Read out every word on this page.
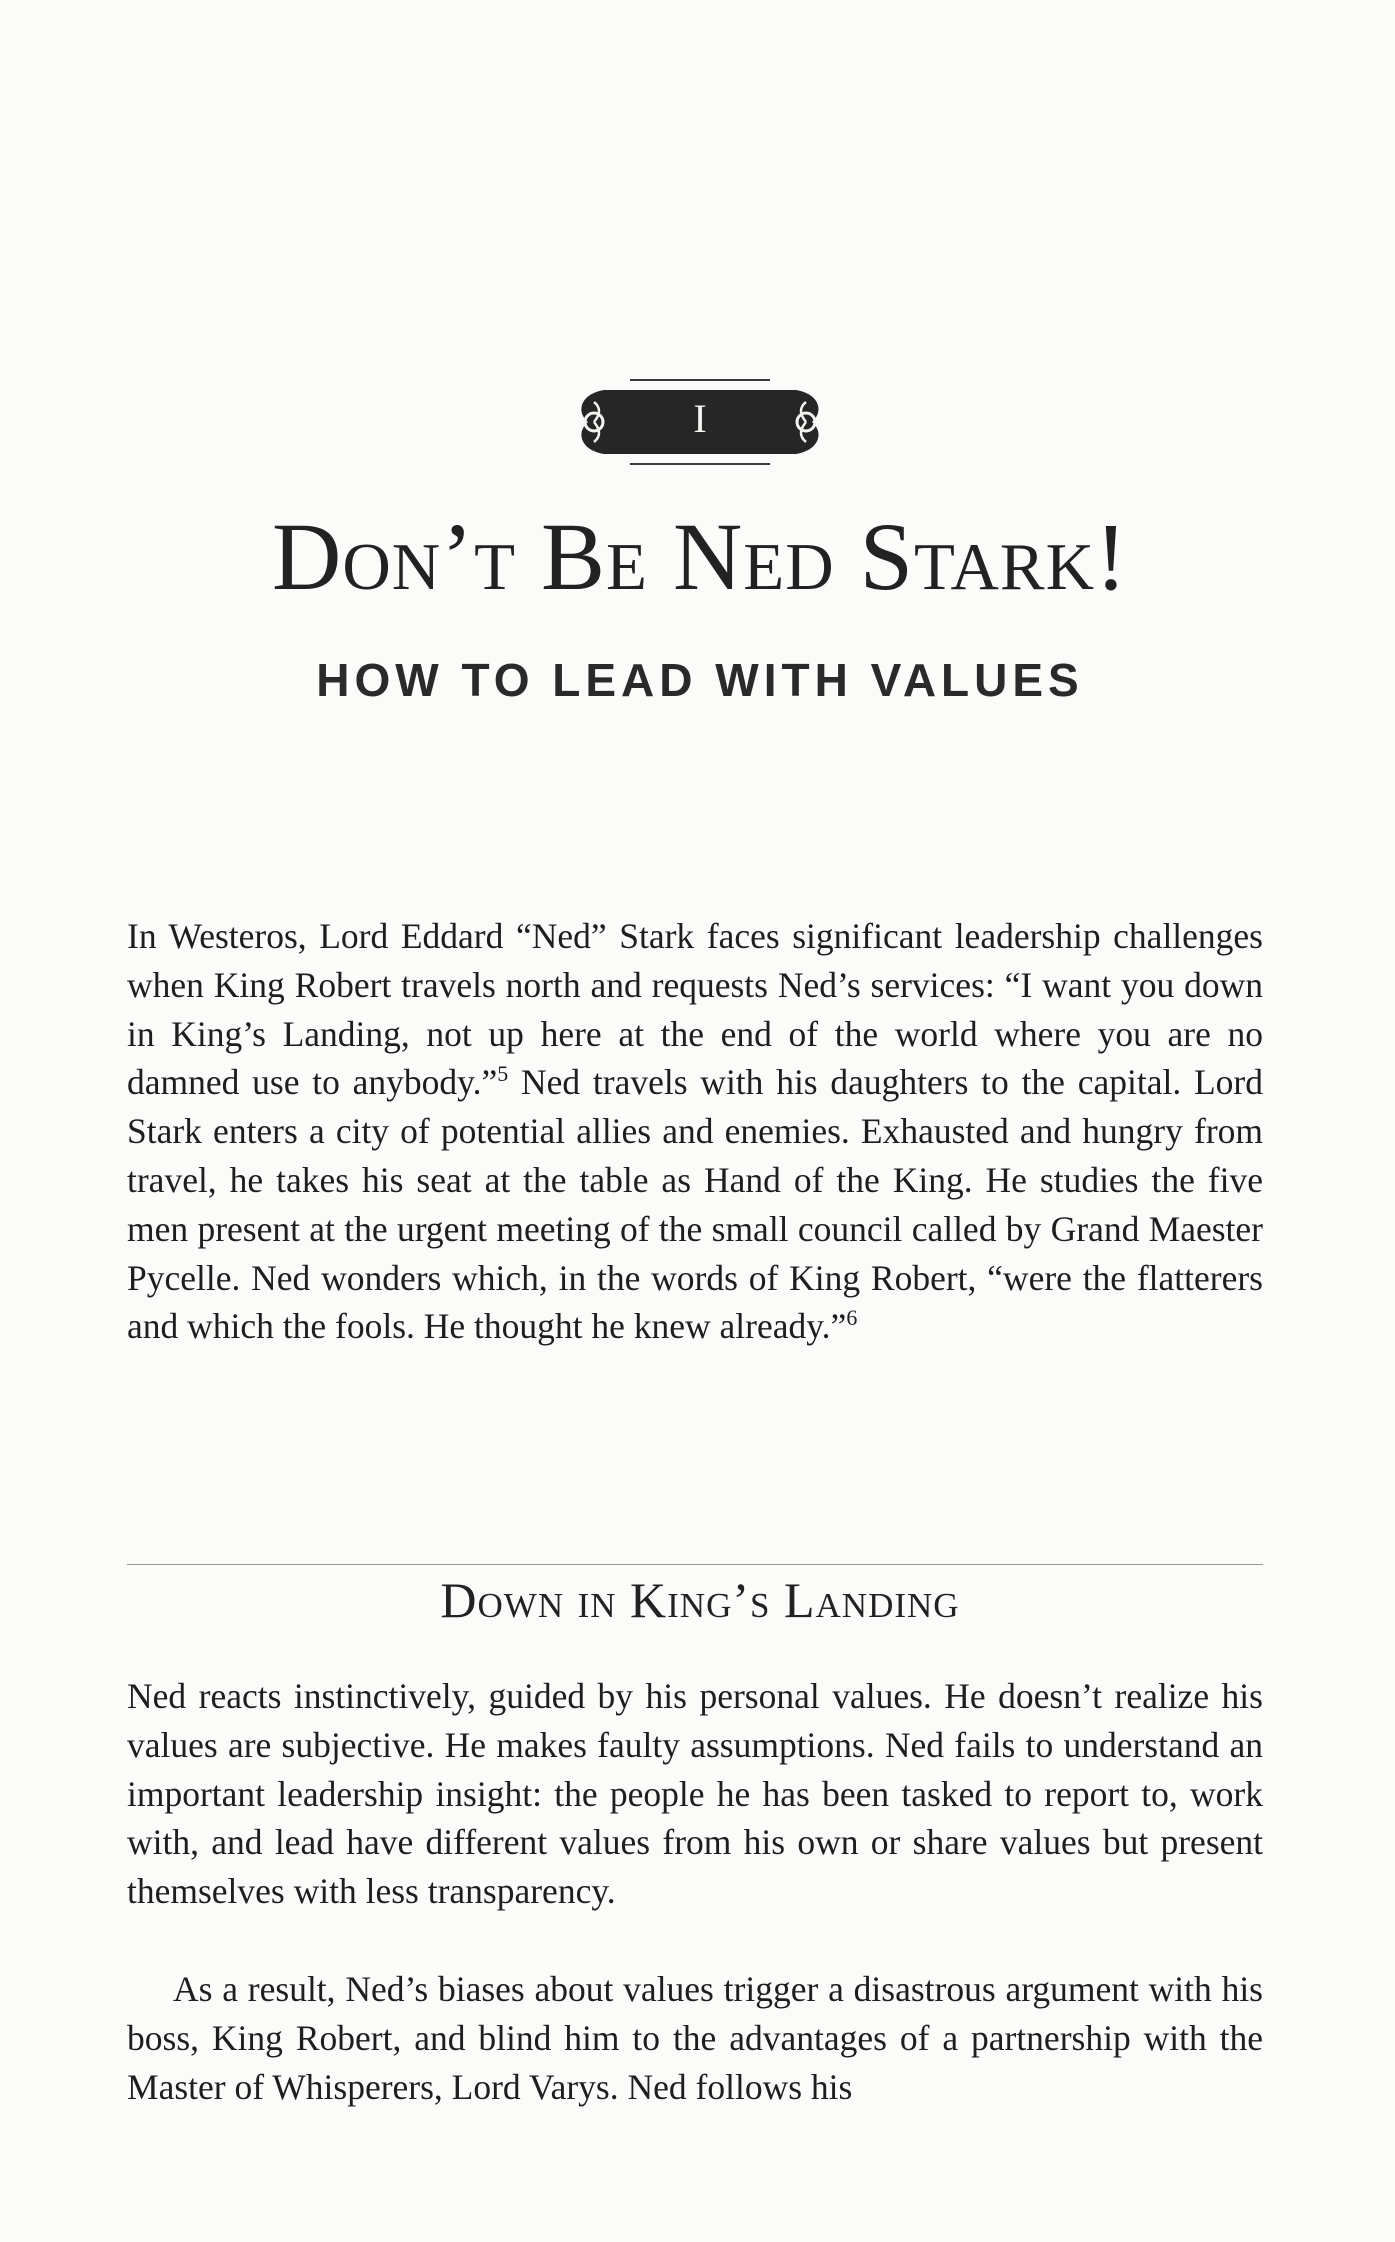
I
Don’t Be Ned Stark!
HOW TO LEAD WITH VALUES

In Westeros, Lord Eddard “Ned” Stark faces significant leadership challenges when King Robert travels north and requests Ned’s services: “I want you down in King’s Landing, not up here at the end of the world where you are no damned use to anybody.”$^5$ Ned travels with his daughters to the capital. Lord Stark enters a city of potential allies and enemies. Exhausted and hungry from travel, he takes his seat at the table as Hand of the King. He studies the five men present at the urgent meeting of the small council called by Grand Maester Pycelle. Ned wonders which, in the words of King Robert, “were the flatterers and which the fools. He thought he knew already.”$^6$

Down in King’s Landing

Ned reacts instinctively, guided by his personal values. He doesn’t realize his values are subjective. He makes faulty assumptions. Ned fails to understand an important leadership insight: the people he has been tasked to report to, work with, and lead have different values from his own or share values but present themselves with less transparency.

As a result, Ned’s biases about values trigger a disastrous argument with his boss, King Robert, and blind him to the advantages of a partnership with the Master of Whisperers, Lord Varys. Ned follows his
